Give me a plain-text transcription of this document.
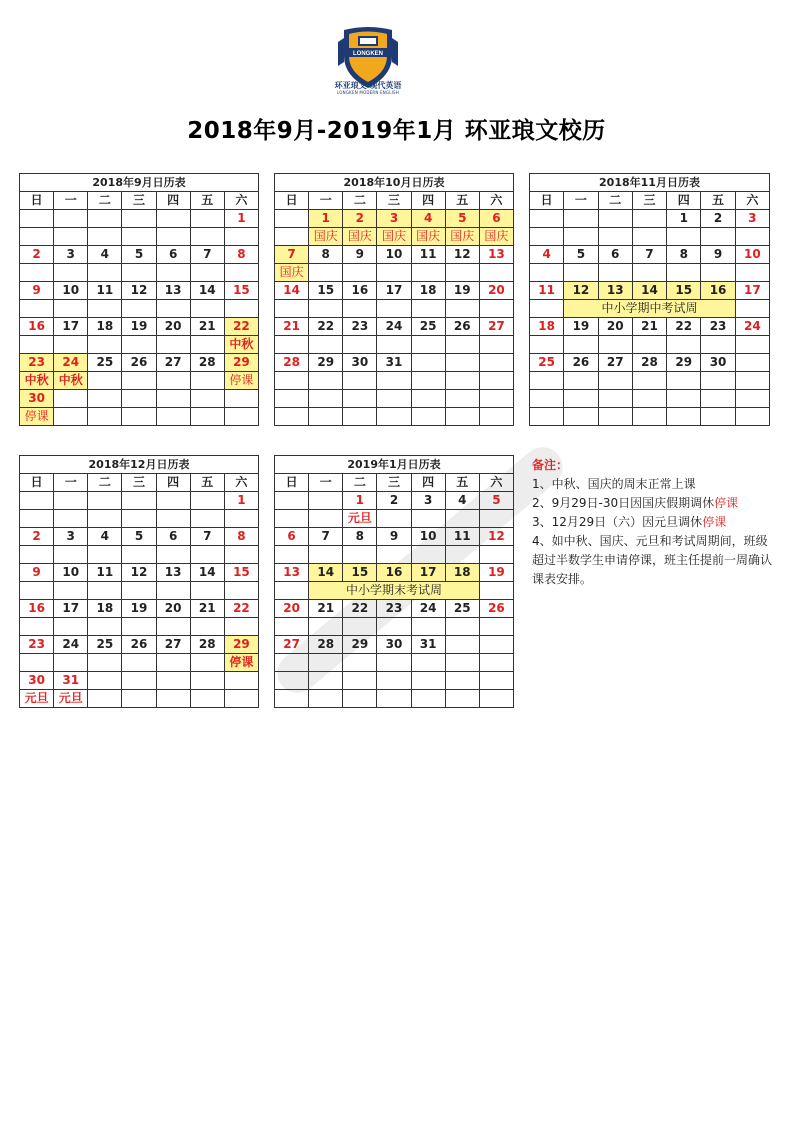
LONGKEN
环亚琅文 现代英语
LONGKEN MODERN ENGLISH
2018年9月-2019年1月 环亚琅文校历
2018年9月日历表						
日	一	二	三	四	五	六
						1

2	3	4	5	6	7	8

9	10	11	12	13	14	15

16	17	18	19	20	21	22
						中秋
23	24	25	26	27	28	29
中秋	中秋					停课
30						
停课						
2018年10月日历表						
日	一	二	三	四	五	六
	1	2	3	4	5	6
	国庆	国庆	国庆	国庆	国庆	国庆
7	8	9	10	11	12	13
国庆						
14	15	16	17	18	19	20

21	22	23	24	25	26	27

28	29	30	31			

2018年11月日历表						
日	一	二	三	四	五	六
				1	2	3

4	5	6	7	8	9	10

11	12	13	14	15	16	17
	中小学期中考试周					
18	19	20	21	22	23	24

25	26	27	28	29	30	

2018年12月日历表						
日	一	二	三	四	五	六
						1

2	3	4	5	6	7	8

9	10	11	12	13	14	15

16	17	18	19	20	21	22

23	24	25	26	27	28	29
						停课
30	31					
元旦	元旦					
2019年1月日历表						
日	一	二	三	四	五	六
		1	2	3	4	5
		元旦				
6	7	8	9	10	11	12

13	14	15	16	17	18	19
	中小学期末考试周					
20	21	22	23	24	25	26

27	28	29	30	31		

备注：
1、中秋、国庆的周末正常上课
2、9月29日-30日因国庆假期调休停课
3、12月29日（六）因元旦调休停课
4、如中秋、国庆、元旦和考试周期间，班级超过半数学生申请停课，班主任提前一周确认课表安排。
